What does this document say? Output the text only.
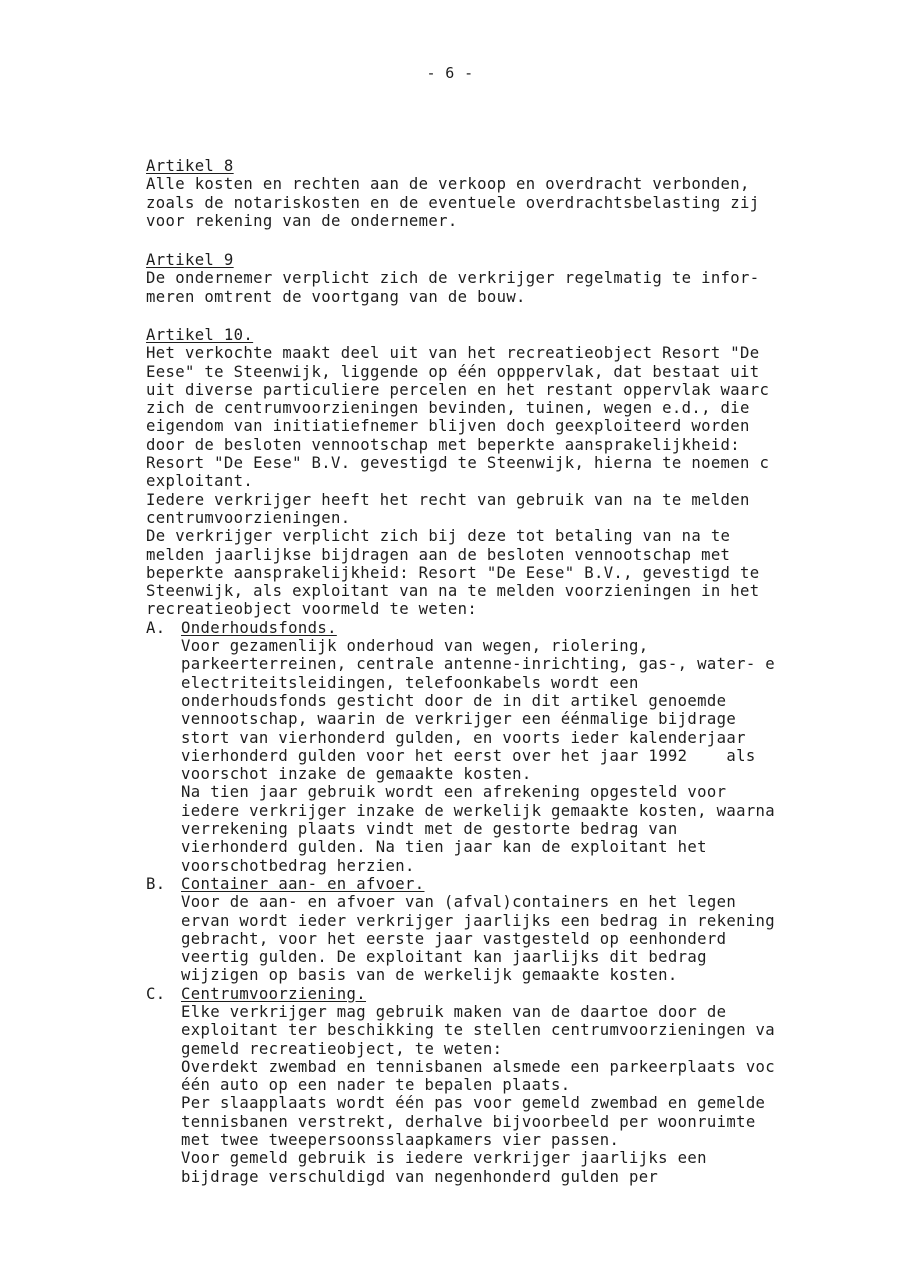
- 6 -
Artikel 8
Alle kosten en rechten aan de verkoop en overdracht verbonden,
zoals de notariskosten en de eventuele overdrachtsbelasting zij
voor rekening van de ondernemer.
Artikel 9
De ondernemer verplicht zich de verkrijger regelmatig te infor-
meren omtrent de voortgang van de bouw.
Artikel 10.
Het verkochte maakt deel uit van het recreatieobject Resort "De
Eese" te Steenwijk, liggende op één opppervlak, dat bestaat uit
uit diverse particuliere percelen en het restant oppervlak waarc
zich de centrumvoorzieningen bevinden, tuinen, wegen e.d., die
eigendom van initiatiefnemer blijven doch geexploiteerd worden
door de besloten vennootschap met beperkte aansprakelijkheid:
Resort "De Eese" B.V. gevestigd te Steenwijk, hierna te noemen c
exploitant.
Iedere verkrijger heeft het recht van gebruik van na te melden
centrumvoorzieningen.
De verkrijger verplicht zich bij deze tot betaling van na te
melden jaarlijkse bijdragen aan de besloten vennootschap met
beperkte aansprakelijkheid: Resort "De Eese" B.V., gevestigd te
Steenwijk, als exploitant van na te melden voorzieningen in het
recreatieobject voormeld te weten:
A. Onderhoudsfonds.
Voor gezamenlijk onderhoud van wegen, riolering,
parkeerterreinen, centrale antenne-inrichting, gas-, water- e
electriteitsleidingen, telefoonkabels wordt een
onderhoudsfonds gesticht door de in dit artikel genoemde
vennootschap, waarin de verkrijger een éénmalige bijdrage
stort van vierhonderd gulden, en voorts ieder kalenderjaar
vierhonderd gulden voor het eerst over het jaar 1992    als
voorschot inzake de gemaakte kosten.
Na tien jaar gebruik wordt een afrekening opgesteld voor
iedere verkrijger inzake de werkelijk gemaakte kosten, waarna
verrekening plaats vindt met de gestorte bedrag van
vierhonderd gulden. Na tien jaar kan de exploitant het
voorschotbedrag herzien.
B. Container aan- en afvoer.
Voor de aan- en afvoer van (afval)containers en het legen
ervan wordt ieder verkrijger jaarlijks een bedrag in rekening
gebracht, voor het eerste jaar vastgesteld op eenhonderd
veertig gulden. De exploitant kan jaarlijks dit bedrag
wijzigen op basis van de werkelijk gemaakte kosten.
C. Centrumvoorziening.
Elke verkrijger mag gebruik maken van de daartoe door de
exploitant ter beschikking te stellen centrumvoorzieningen va
gemeld recreatieobject, te weten:
Overdekt zwembad en tennisbanen alsmede een parkeerplaats voc
één auto op een nader te bepalen plaats.
Per slaapplaats wordt één pas voor gemeld zwembad en gemelde
tennisbanen verstrekt, derhalve bijvoorbeeld per woonruimte
met twee tweepersoonsslaapkamers vier passen.
Voor gemeld gebruik is iedere verkrijger jaarlijks een
bijdrage verschuldigd van negenhonderd gulden per
